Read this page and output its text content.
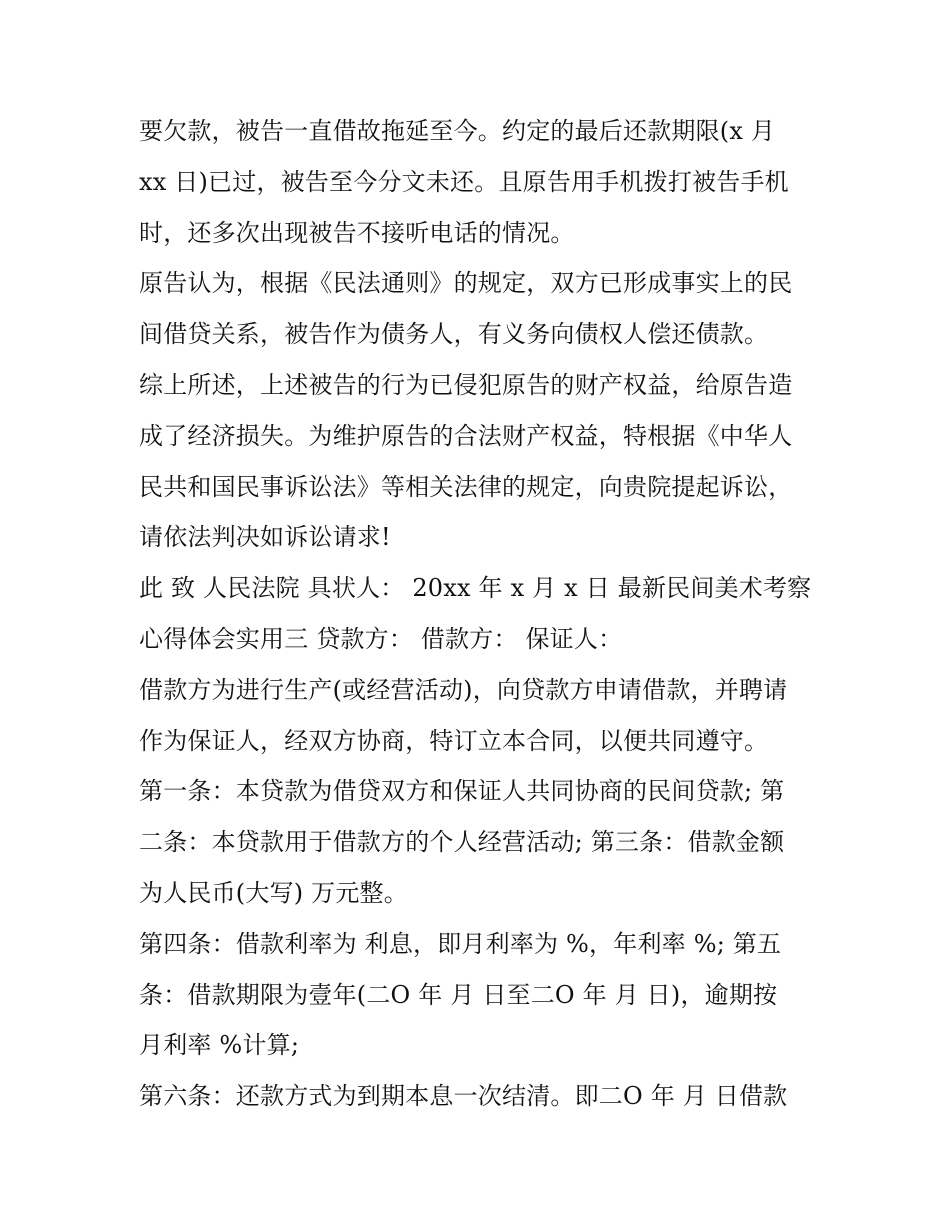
要欠款，被告一直借故拖延至今。约定的最后还款期限(x 月
xx 日)已过，被告至今分文未还。且原告用手机拨打被告手机
时，还多次出现被告不接听电话的情况。
原告认为，根据《民法通则》的规定，双方已形成事实上的民
间借贷关系，被告作为债务人，有义务向债权人偿还债款。
综上所述，上述被告的行为已侵犯原告的财产权益，给原告造
成了经济损失。为维护原告的合法财产权益，特根据《中华人
民共和国民事诉讼法》等相关法律的规定，向贵院提起诉讼，
请依法判决如诉讼请求!
此 致 人民法院 具状人： 20xx 年 x 月 x 日 最新民间美术考察
心得体会实用三 贷款方： 借款方： 保证人：
借款方为进行生产(或经营活动)，向贷款方申请借款，并聘请
作为保证人，经双方协商，特订立本合同，以便共同遵守。
第一条：本贷款为借贷双方和保证人共同协商的民间贷款; 第
二条：本贷款用于借款方的个人经营活动; 第三条：借款金额
为人民币(大写) 万元整。
第四条：借款利率为 利息，即月利率为 %，年利率 %; 第五
条：借款期限为壹年(二O 年 月 日至二O 年 月 日)，逾期按
月利率 %计算;
第六条：还款方式为到期本息一次结清。即二O 年 月 日借款
